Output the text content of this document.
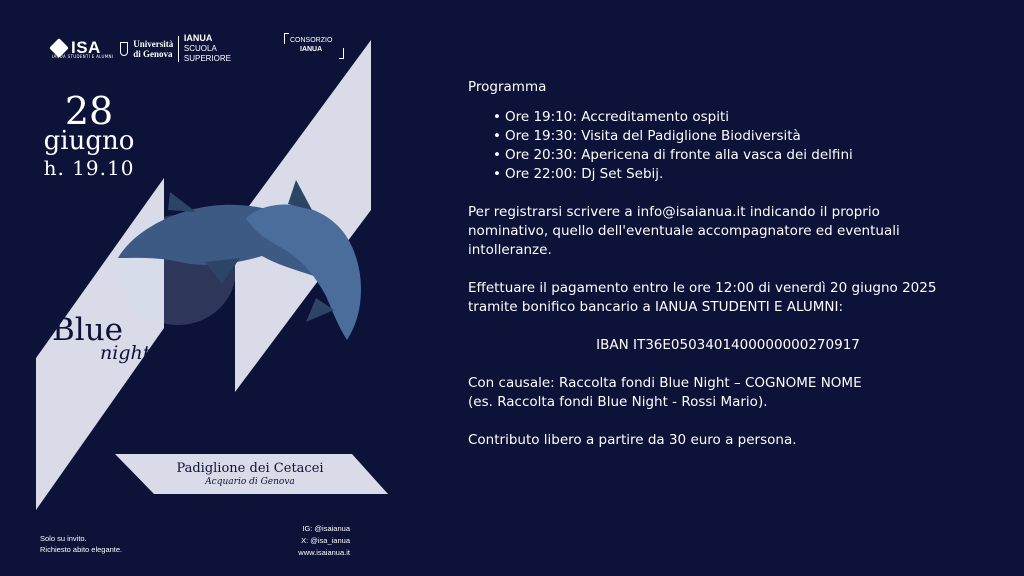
ISA
IANUA STUDENTI E ALUMNI
Università
di Genova
IANUA
SCUOLA SUPERIORE
CONSORZIO
IANUA
28
giugno
h. 19.10
Blue
night
Padiglione dei Cetacei
Acquario di Genova
Solo su invito.
Richiesto abito elegante.
IG: @isaianua
X: @isa_ianua
www.isaianua.it

Programma

• Ore 19:10: Accreditamento ospiti
• Ore 19:30: Visita del Padiglione Biodiversità
• Ore 20:30: Apericena di fronte alla vasca dei delfini
• Ore 22:00: Dj Set Sebij.

Per registrarsi scrivere a info@isaianua.it indicando il proprio

nominativo, quello dell'eventuale accompagnatore ed eventuali

intolleranze.

Effettuare il pagamento entro le ore 12:00 di venerdì 20 giugno 2025

tramite bonifico bancario a IANUA STUDENTI E ALUMNI:

IBAN IT36E0503401400000000270917

Con causale: Raccolta fondi Blue Night – COGNOME NOME

(es. Raccolta fondi Blue Night - Rossi Mario).

Contributo libero a partire da 30 euro a persona.
